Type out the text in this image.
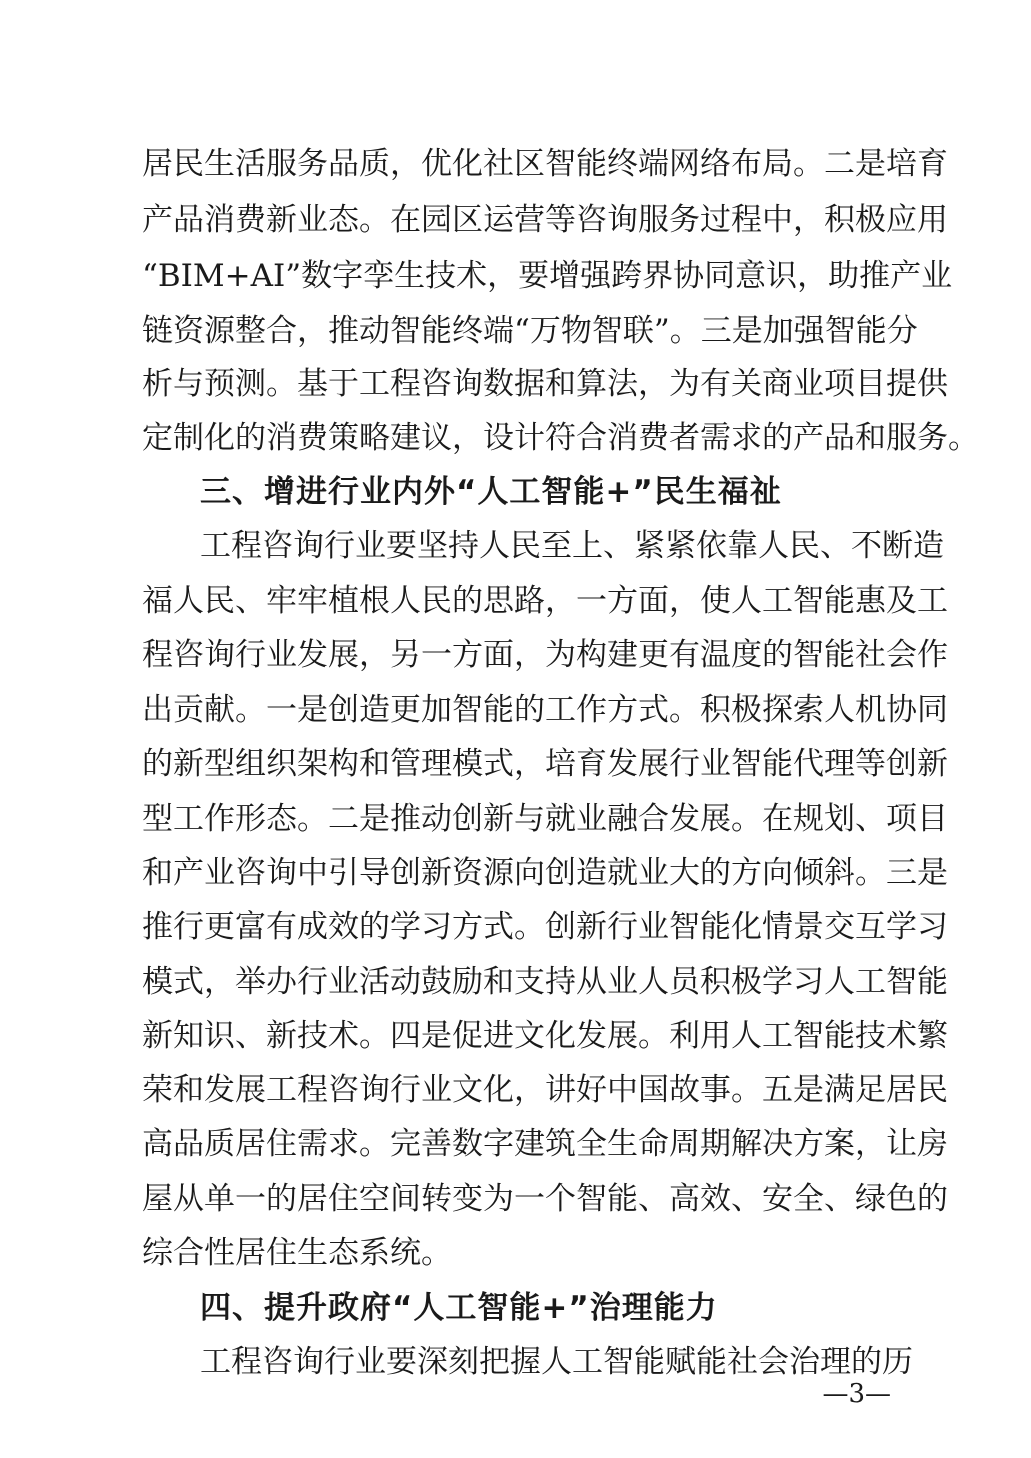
居民生活服务品质，优化社区智能终端网络布局。二是培育
产品消费新业态。在园区运营等咨询服务过程中，积极应用
“BIM+AI”数字孪生技术，要增强跨界协同意识，助推产业
链资源整合，推动智能终端“万物智联”。三是加强智能分
析与预测。基于工程咨询数据和算法，为有关商业项目提供
定制化的消费策略建议，设计符合消费者需求的产品和服务。
三、增进行业内外“人工智能+”民生福祉
工程咨询行业要坚持人民至上、紧紧依靠人民、不断造
福人民、牢牢植根人民的思路，一方面，使人工智能惠及工
程咨询行业发展，另一方面，为构建更有温度的智能社会作
出贡献。一是创造更加智能的工作方式。积极探索人机协同
的新型组织架构和管理模式，培育发展行业智能代理等创新
型工作形态。二是推动创新与就业融合发展。在规划、项目
和产业咨询中引导创新资源向创造就业大的方向倾斜。三是
推行更富有成效的学习方式。创新行业智能化情景交互学习
模式，举办行业活动鼓励和支持从业人员积极学习人工智能
新知识、新技术。四是促进文化发展。利用人工智能技术繁
荣和发展工程咨询行业文化，讲好中国故事。五是满足居民
高品质居住需求。完善数字建筑全生命周期解决方案，让房
屋从单一的居住空间转变为一个智能、高效、安全、绿色的
综合性居住生态系统。
四、提升政府“人工智能+”治理能力
工程咨询行业要深刻把握人工智能赋能社会治理的历
—3—
